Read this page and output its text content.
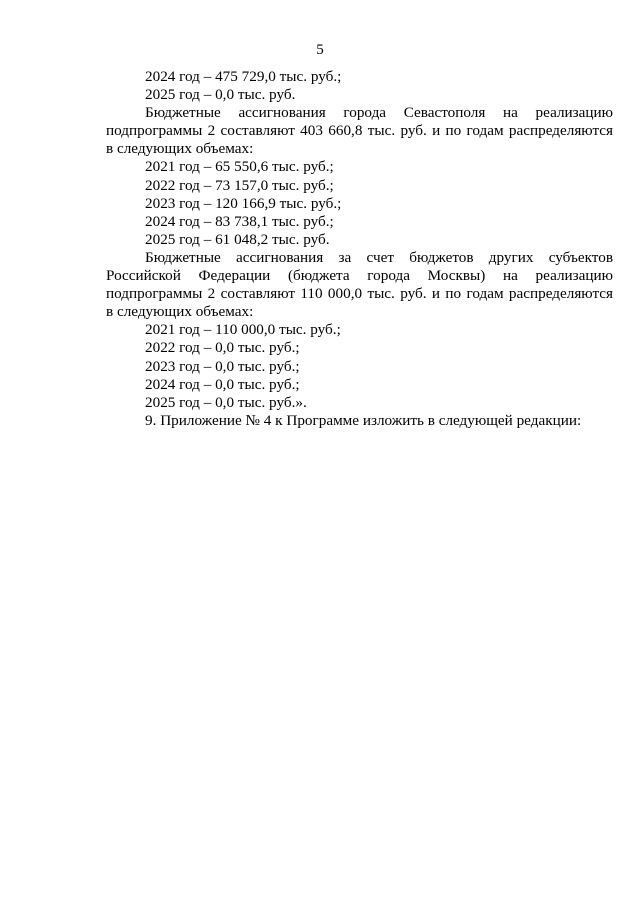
5
2024 год – 475 729,0 тыс. руб.;
2025 год – 0,0 тыс. руб.
Бюджетные ассигнования города Севастополя на реализацию
подпрограммы 2 составляют 403 660,8 тыс. руб. и по годам распределяются
в следующих объемах:
2021 год – 65 550,6 тыс. руб.;
2022 год – 73 157,0 тыс. руб.;
2023 год – 120 166,9 тыс. руб.;
2024 год – 83 738,1 тыс. руб.;
2025 год – 61 048,2 тыс. руб.
Бюджетные ассигнования за счет бюджетов других субъектов
Российской Федерации (бюджета города Москвы) на реализацию
подпрограммы 2 составляют 110 000,0 тыс. руб. и по годам распределяются
в следующих объемах:
2021 год – 110 000,0 тыс. руб.;
2022 год – 0,0 тыс. руб.;
2023 год – 0,0 тыс. руб.;
2024 год – 0,0 тыс. руб.;
2025 год – 0,0 тыс. руб.».
9. Приложение № 4 к Программе изложить в следующей редакции:
